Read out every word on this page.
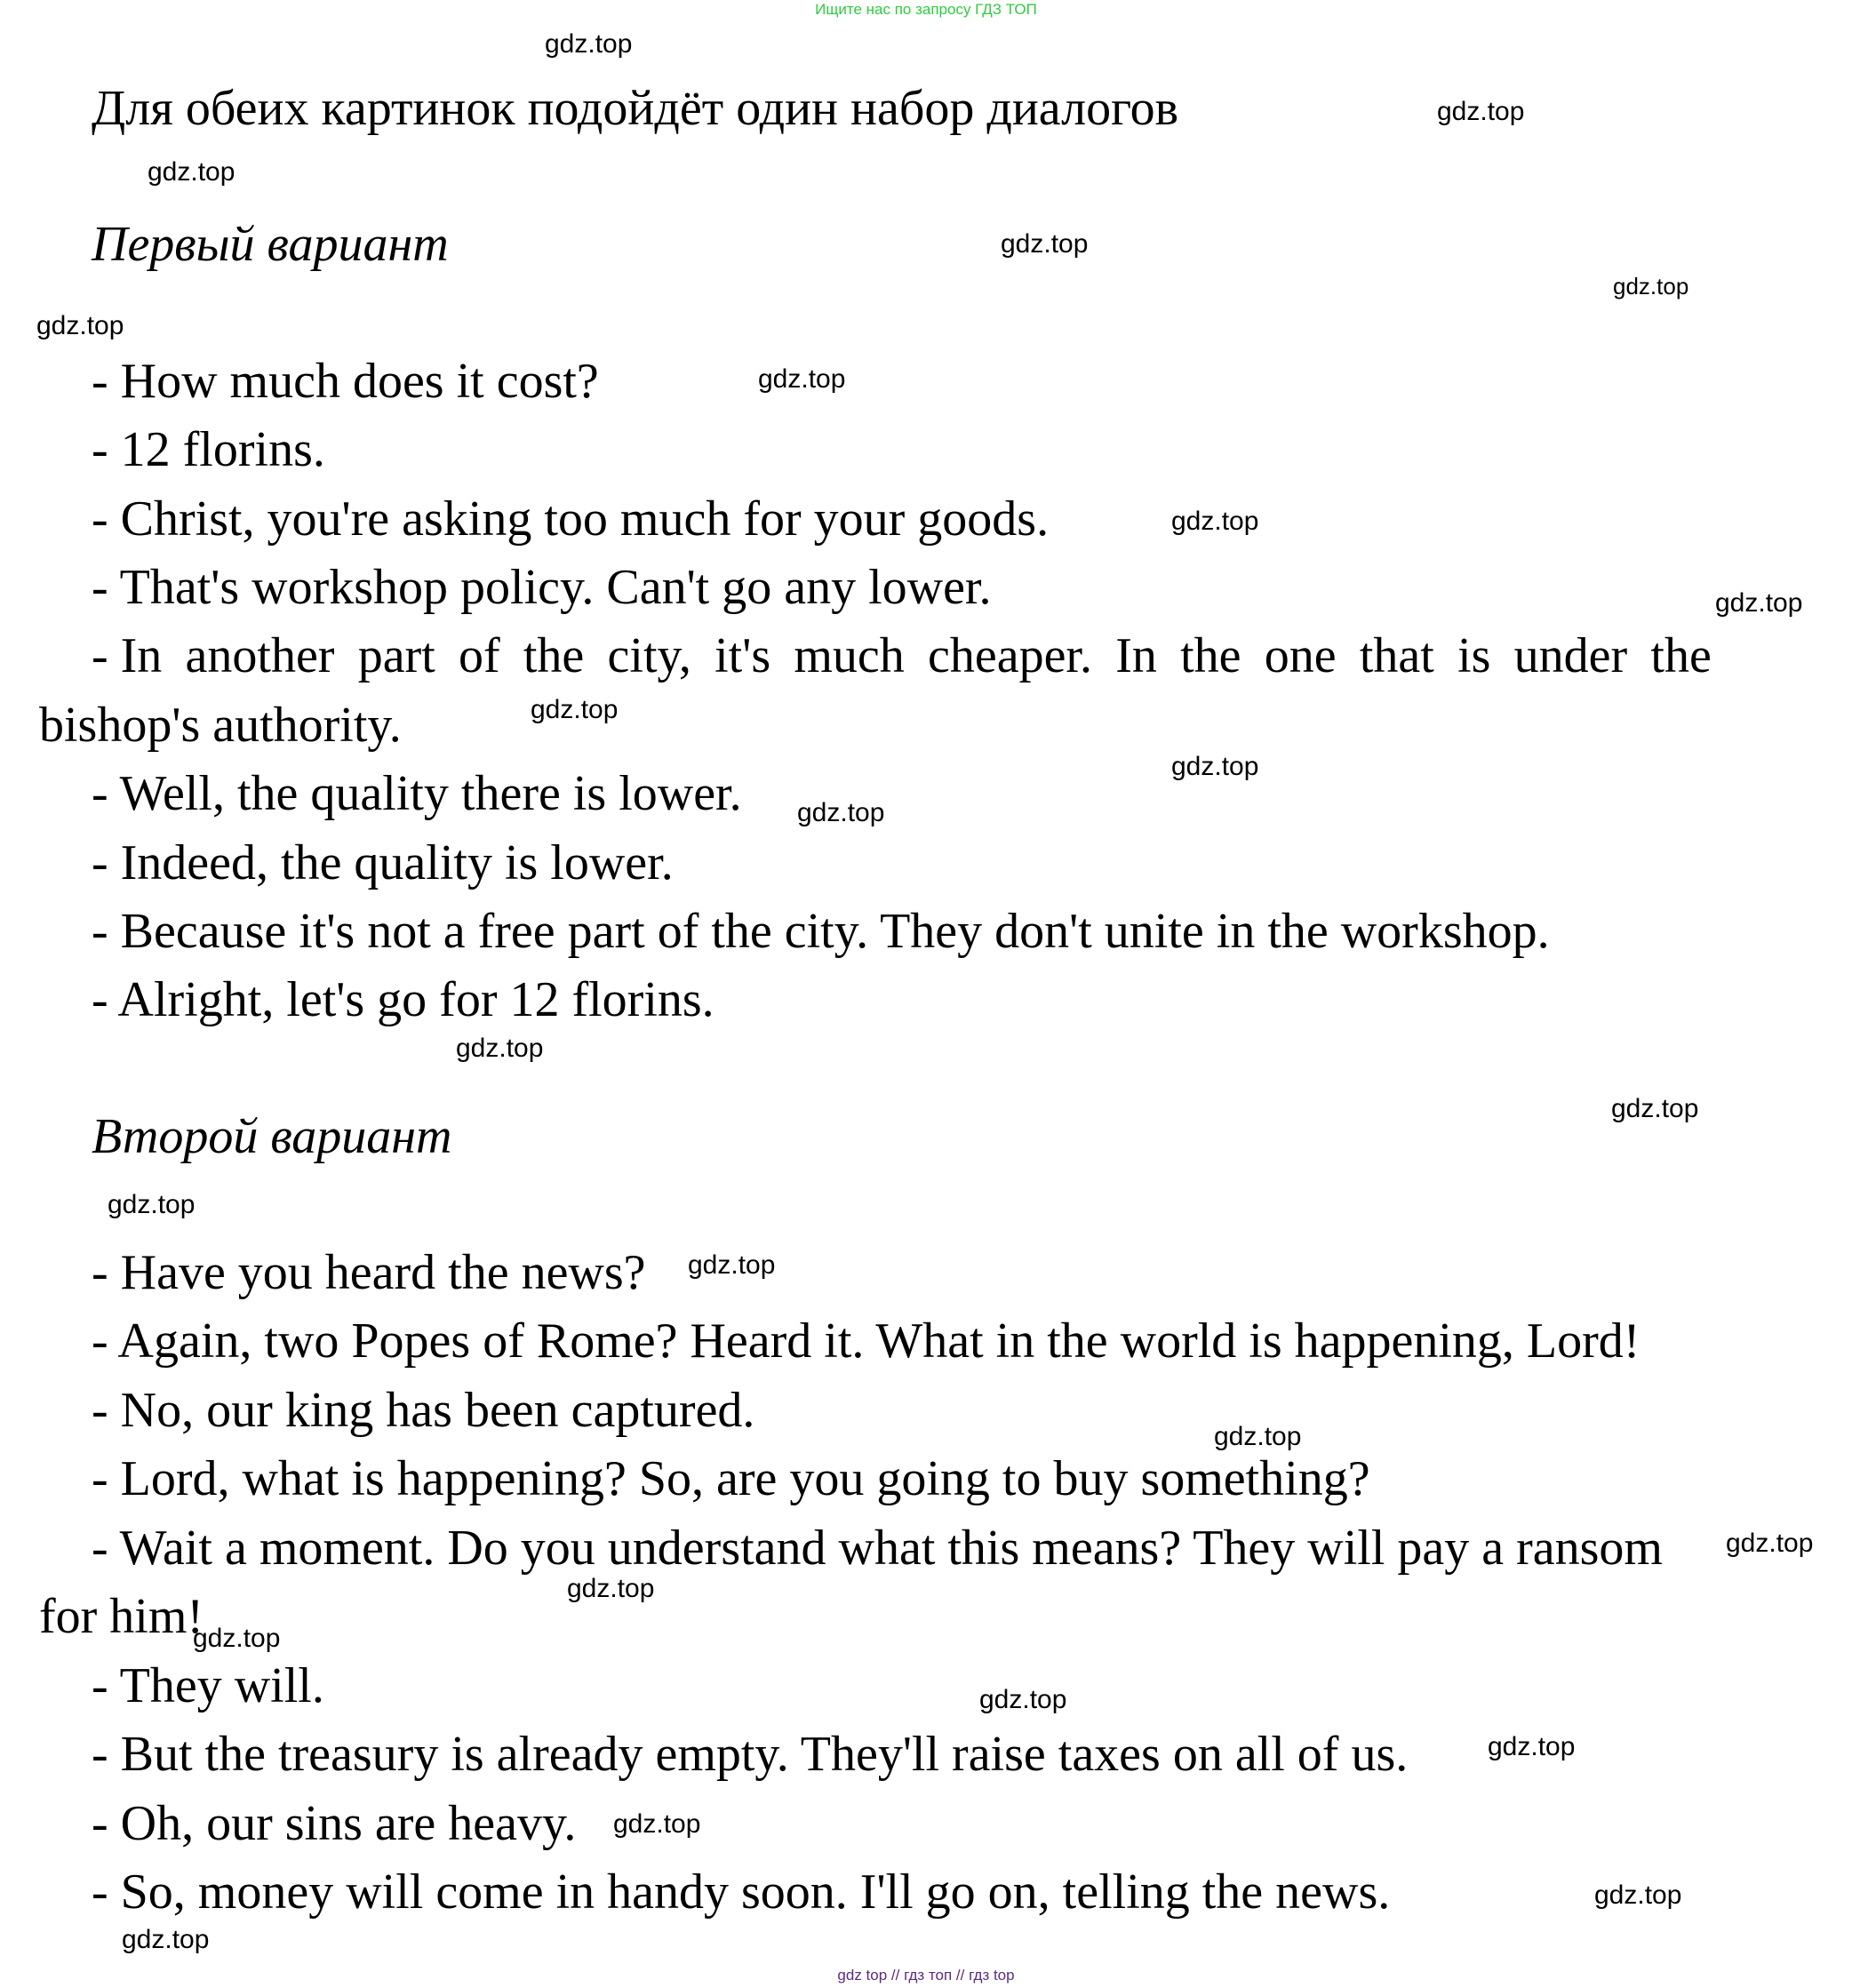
Ищите нас по запросу ГДЗ ТОП
gdz top // гдз топ // гдз top
Для обеих картинок подойдёт один набор диалогов
Первый вариант
- How much does it cost?
- 12 florins.
- Christ, you're asking too much for your goods.
- That's workshop policy. Can't go any lower.
- In another part of the city, it's much cheaper. In the one that is under the
bishop's authority.
- Well, the quality there is lower.
- Indeed, the quality is lower.
- Because it's not a free part of the city. They don't unite in the workshop.
- Alright, let's go for 12 florins.
Второй вариант
- Have you heard the news?
- Again, two Popes of Rome? Heard it. What in the world is happening, Lord!
- No, our king has been captured.
- Lord, what is happening? So, are you going to buy something?
- Wait a moment. Do you understand what this means? They will pay a ransom
for him!
- They will.
- But the treasury is already empty. They'll raise taxes on all of us.
- Oh, our sins are heavy.
- So, money will come in handy soon. I'll go on, telling the news.
gdz.top
gdz.top
gdz.top
gdz.top
gdz.top
gdz.top
gdz.top
gdz.top
gdz.top
gdz.top
gdz.top
gdz.top
gdz.top
gdz.top
gdz.top
gdz.top
gdz.top
gdz.top
gdz.top
gdz.top
gdz.top
gdz.top
gdz.top
gdz.top
gdz.top
